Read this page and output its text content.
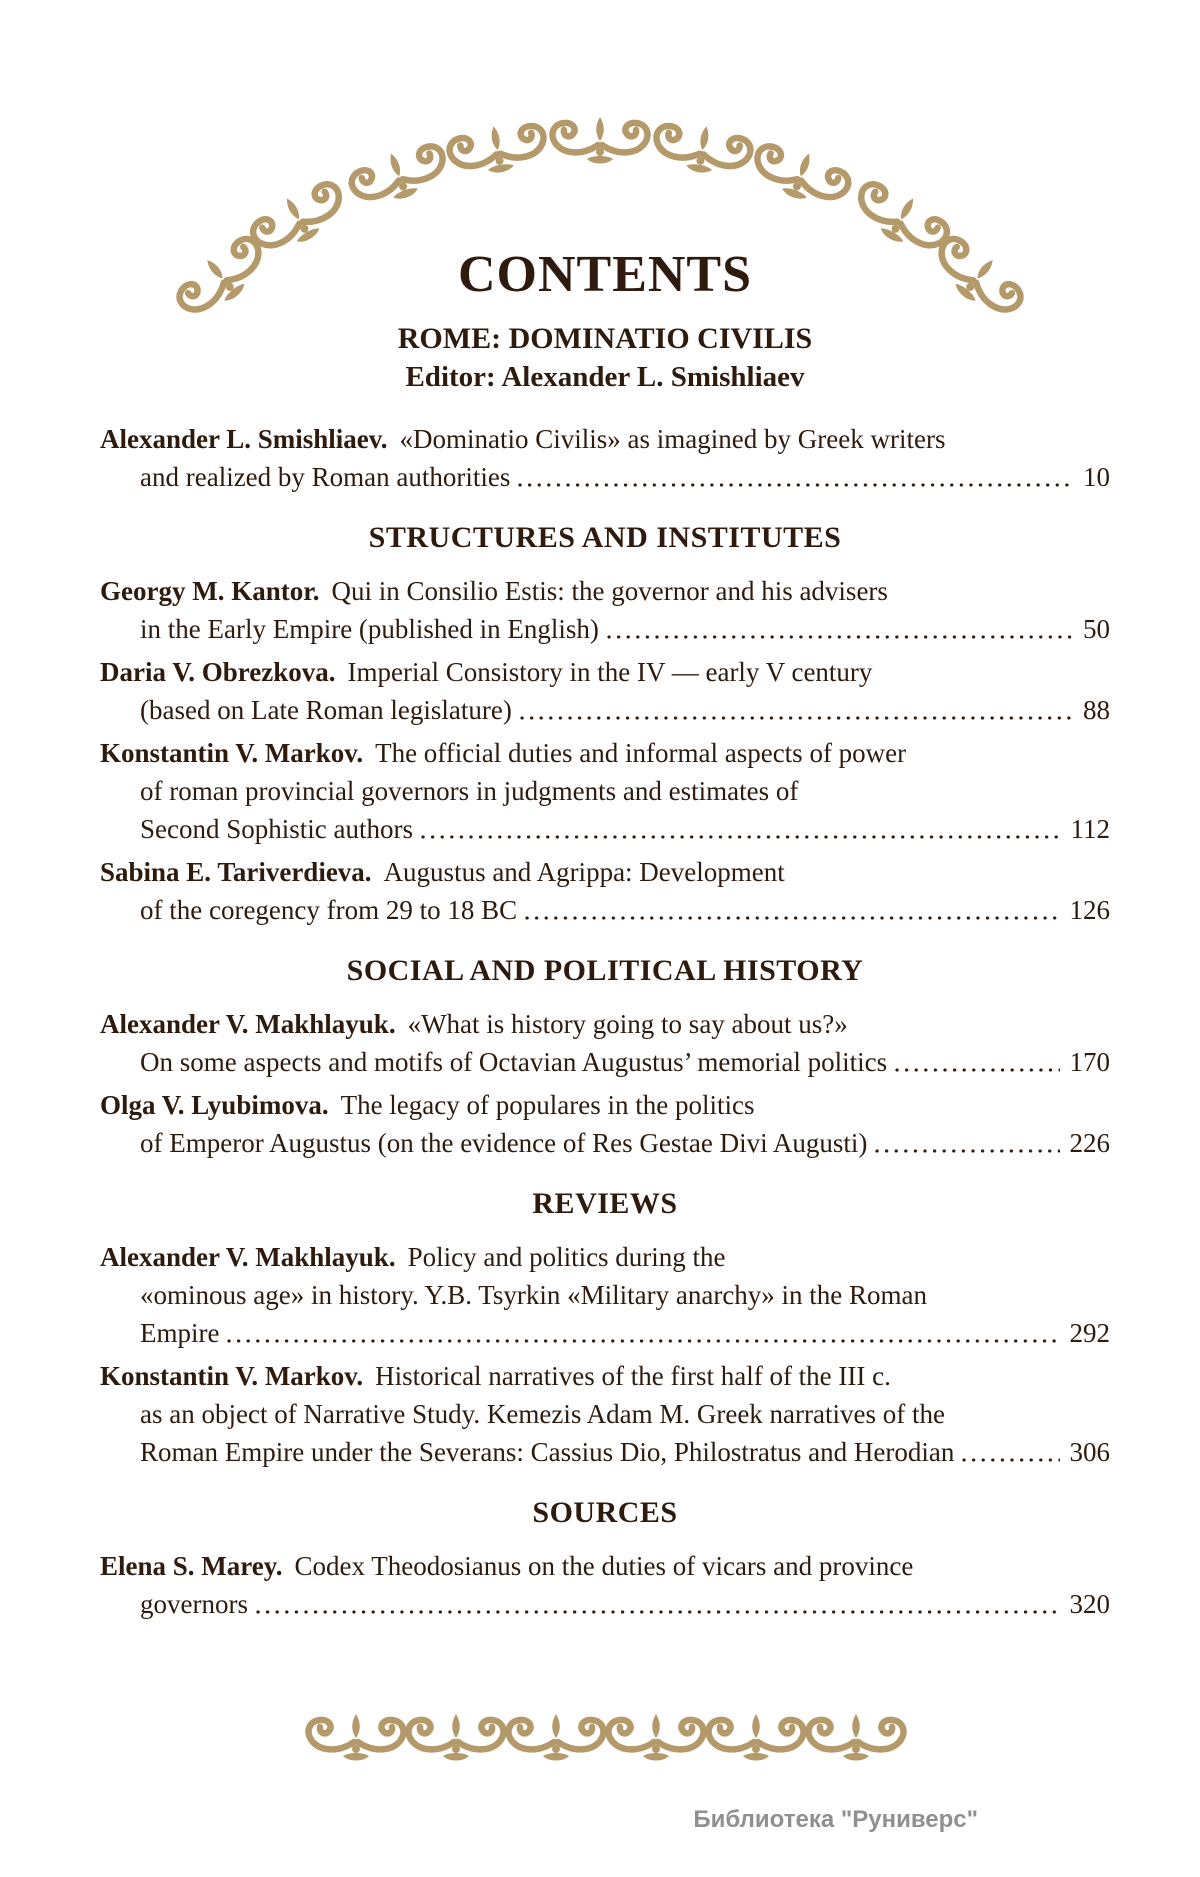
CONTENTS
ROME: DOMINATIO CIVILIS
Editor: Alexander L. Smishliaev
Alexander L. Smishliaev. «Dominatio Civilis» as imagined by Greek writers
and realized by Roman authorities	10
STRUCTURES AND INSTITUTES
Georgy M. Kantor. Qui in Consilio Estis: the governor and his advisers
in the Early Empire (published in English)	50
Daria V. Obrezkova. Imperial Consistory in the IV — early V century
(based on Late Roman legislature)	88
Konstantin V. Markov. The official duties and informal aspects of power
of roman provincial governors in judgments and estimates of
Second Sophistic authors	112
Sabina E. Tariverdieva. Augustus and Agrippa: Development
of the coregency from 29 to 18 BC	126
SOCIAL AND POLITICAL HISTORY
Alexander V. Makhlayuk. «What is history going to say about us?»
On some aspects and motifs of Octavian Augustus’ memorial politics	170
Olga V. Lyubimova. The legacy of populares in the politics
of Emperor Augustus (on the evidence of Res Gestae Divi Augusti)	226
REVIEWS
Alexander V. Makhlayuk. Policy and politics during the
«ominous age» in history. Y.B. Tsyrkin «Military anarchy» in the Roman
Empire	292
Konstantin V. Markov. Historical narratives of the first half of the III c.
as an object of Narrative Study. Kemezis Adam M. Greek narratives of the
Roman Empire under the Severans: Cassius Dio, Philostratus and Herodian	306
SOURCES
Elena S. Marey. Codex Theodosianus on the duties of vicars and province
governors	320
Библиотека "Руниверс"
